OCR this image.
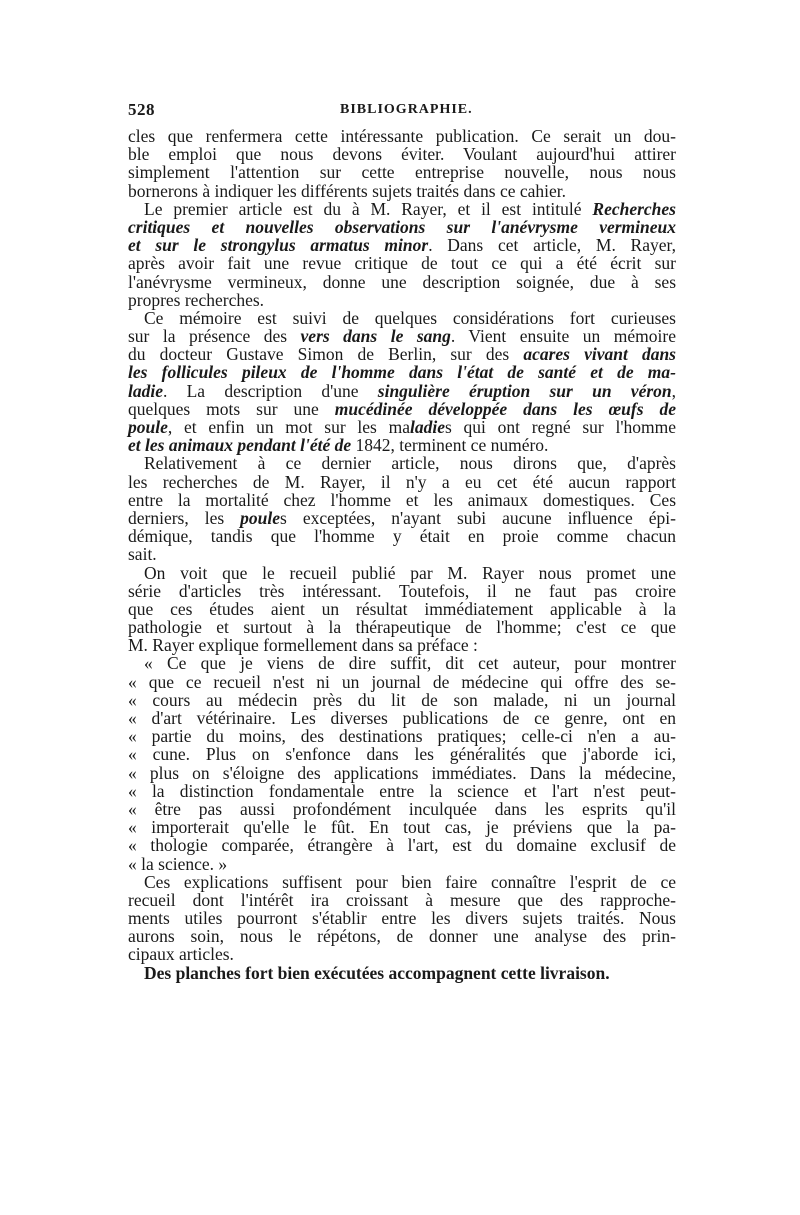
528	BIBLIOGRAPHIE.
cles que renfermera cette intéressante publication. Ce serait un dou-
ble emploi que nous devons éviter. Voulant aujourd'hui attirer
simplement l'attention sur cette entreprise nouvelle, nous nous
bornerons à indiquer les différents sujets traités dans ce cahier.
Le premier article est du à M. Rayer, et il est intitulé Recherches
critiques et nouvelles observations sur l'anévrysme vermineux
et sur le strongylus armatus minor. Dans cet article, M. Rayer,
après avoir fait une revue critique de tout ce qui a été écrit sur
l'anévrysme vermineux, donne une description soignée, due à ses
propres recherches.
Ce mémoire est suivi de quelques considérations fort curieuses
sur la présence des vers dans le sang. Vient ensuite un mémoire
du docteur Gustave Simon de Berlin, sur des acares vivant dans
les follicules pileux de l'homme dans l'état de santé et de ma-
ladie. La description d'une singulière éruption sur un véron,
quelques mots sur une mucédinée développée dans les œufs de
poule, et enfin un mot sur les maladies qui ont regné sur l'homme
et les animaux pendant l'été de 1842, terminent ce numéro.
Relativement à ce dernier article, nous dirons que, d'après
les recherches de M. Rayer, il n'y a eu cet été aucun rapport
entre la mortalité chez l'homme et les animaux domestiques. Ces
derniers, les poules exceptées, n'ayant subi aucune influence épi-
démique, tandis que l'homme y était en proie comme chacun
sait.
On voit que le recueil publié par M. Rayer nous promet une
série d'articles très intéressant. Toutefois, il ne faut pas croire
que ces études aient un résultat immédiatement applicable à la
pathologie et surtout à la thérapeutique de l'homme; c'est ce que
M. Rayer explique formellement dans sa préface :
« Ce que je viens de dire suffit, dit cet auteur, pour montrer
« que ce recueil n'est ni un journal de médecine qui offre des se-
« cours au médecin près du lit de son malade, ni un journal
« d'art vétérinaire. Les diverses publications de ce genre, ont en
« partie du moins, des destinations pratiques; celle-ci n'en a au-
« cune. Plus on s'enfonce dans les généralités que j'aborde ici,
« plus on s'éloigne des applications immédiates. Dans la médecine,
« la distinction fondamentale entre la science et l'art n'est peut-
« être pas aussi profondément inculquée dans les esprits qu'il
« importerait qu'elle le fût. En tout cas, je préviens que la pa-
« thologie comparée, étrangère à l'art, est du domaine exclusif de
« la science. »
Ces explications suffisent pour bien faire connaître l'esprit de ce
recueil dont l'intérêt ira croissant à mesure que des rapproche-
ments utiles pourront s'établir entre les divers sujets traités. Nous
aurons soin, nous le répétons, de donner une analyse des prin-
cipaux articles.
Des planches fort bien exécutées accompagnent cette livraison.
